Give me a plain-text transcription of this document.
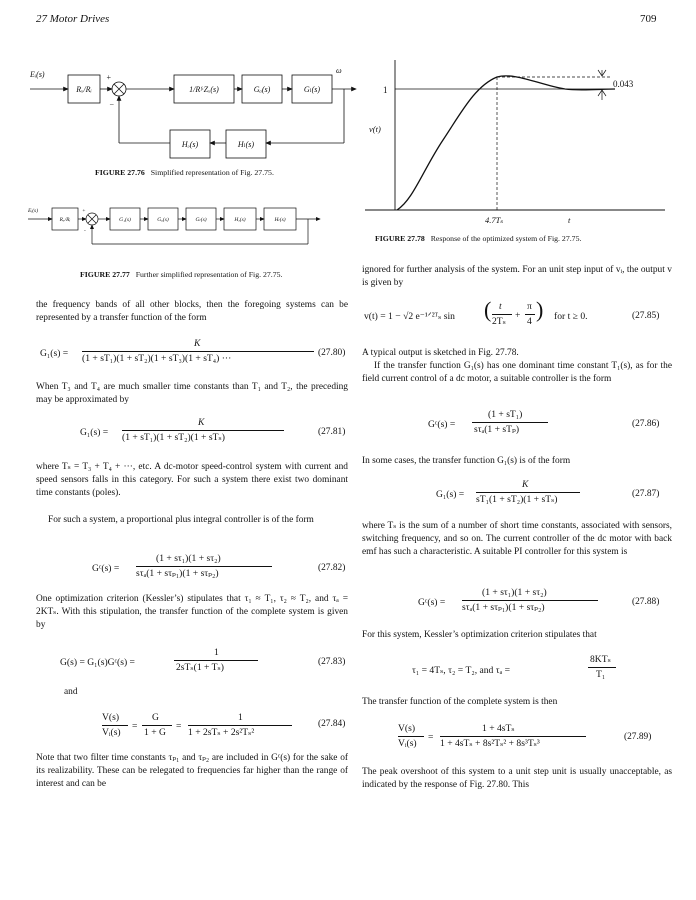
27 Motor Drives	709
Eᵢ(s)
Rₓ/Rᵢ	1/Rᶠ·Zₓ(s)	Gₐ(s)	Gₗ(s)
Hₔ(s)	Hₗ(s)
ω
+
−
FIGURE 27.76 Simplified representation of Fig. 27.75.
Eᵢ(s)
Rₓ/Rᵢ	G₁(s)	Gₐ(s)	Gₗ(s)	Hₔ(s)	Hₗ(s)
+
-
FIGURE 27.77 Further simplified representation of Fig. 27.75.
1
0.043
v(t)
4.7Tₛ	t
FIGURE 27.78 Response of the optimized system of Fig. 27.75.
the frequency bands of all other blocks, then the foregoing systems can be represented by a transfer function of the form
G₁(s) =
K
(1 + sT₁)(1 + sT₂)(1 + sT₃)(1 + sT₄) ···	(27.80)
When T₃ and T₄ are much smaller time constants than T₁ and T₂, the preceding may be approximated by
G₁(s) =
K
(1 + sT₁)(1 + sT₂)(1 + sTₛ)	(27.81)
where Tₛ = T₃ + T₄ + ···, etc. A dc-motor speed-control system with current and speed sensors falls in this category. For such a system there exist two dominant time constants (poles).
For such a system, a proportional plus integral controller is of the form
Gᶜ(s) =
(1 + sτ₁)(1 + sτ₂)
sτₐ(1 + sτₚ₁)(1 + sτₚ₂)	(27.82)
One optimization criterion (Kessler’s) stipulates that τ₁ ≈ T₁, τ₂ ≈ T₂, and τₐ = 2KTₛ. With this stipulation, the transfer function of the complete system is given by
G(s) = G₁(s)Gᶜ(s) =
1
2sTₛ(1 + Tₛ)	(27.83)
and
V(s)
Vᵢ(s)
=
G
1 + G
=
1
1 + 2sTₛ + 2s²Tₛ²
(27.84)
Note that two filter time constants τₚ₁ and τₚ₂ are included in Gᶜ(s) for the sake of its realizability. These can be relegated to frequencies far higher than the range of interest and can be
ignored for further analysis of the system. For an unit step input of vᵢ, the output v is given by
v(t) = 1 − √2 e⁻¹ᐟ²ᵀₛ sin ( t
2Tₛ
+
π
4 ) for t ≥ 0.	(27.85)
A typical output is sketched in Fig. 27.78.
If the transfer function G₁(s) has one dominant time constant T₁(s), as for the field current control of a dc motor, a suitable controller is the form
Gᶜ(s) =
(1 + sT₁)
sτₐ(1 + sTₚ)	(27.86)
In some cases, the transfer function G₁(s) is of the form
G₁(s) =
K
sT₁(1 + sT₂)(1 + sTₛ)	(27.87)
where Tₛ is the sum of a number of short time constants, associated with sensors, switching frequency, and so on. The current controller of the dc motor with back emf has such a characteristic. A suitable PI controller for this system is
Gᶜ(s) =
(1 + sτ₁)(1 + sτ₂)
sτₐ(1 + sτₚ₁)(1 + sτₚ₂)	(27.88)
For this system, Kessler’s optimization criterion stipulates that
τ₁ = 4Tₛ, τ₂ = T₂, and τₐ =
8KTₛ
T₁
The transfer function of the complete system is then
V(s)
Vᵢ(s)
=
1 + 4sTₛ
1 + 4sTₛ + 8s²Tₛ² + 8s³Tₛ³
(27.89)
The peak overshoot of this system to a unit step unit is usually unacceptable, as indicated by the response of Fig. 27.80. This
